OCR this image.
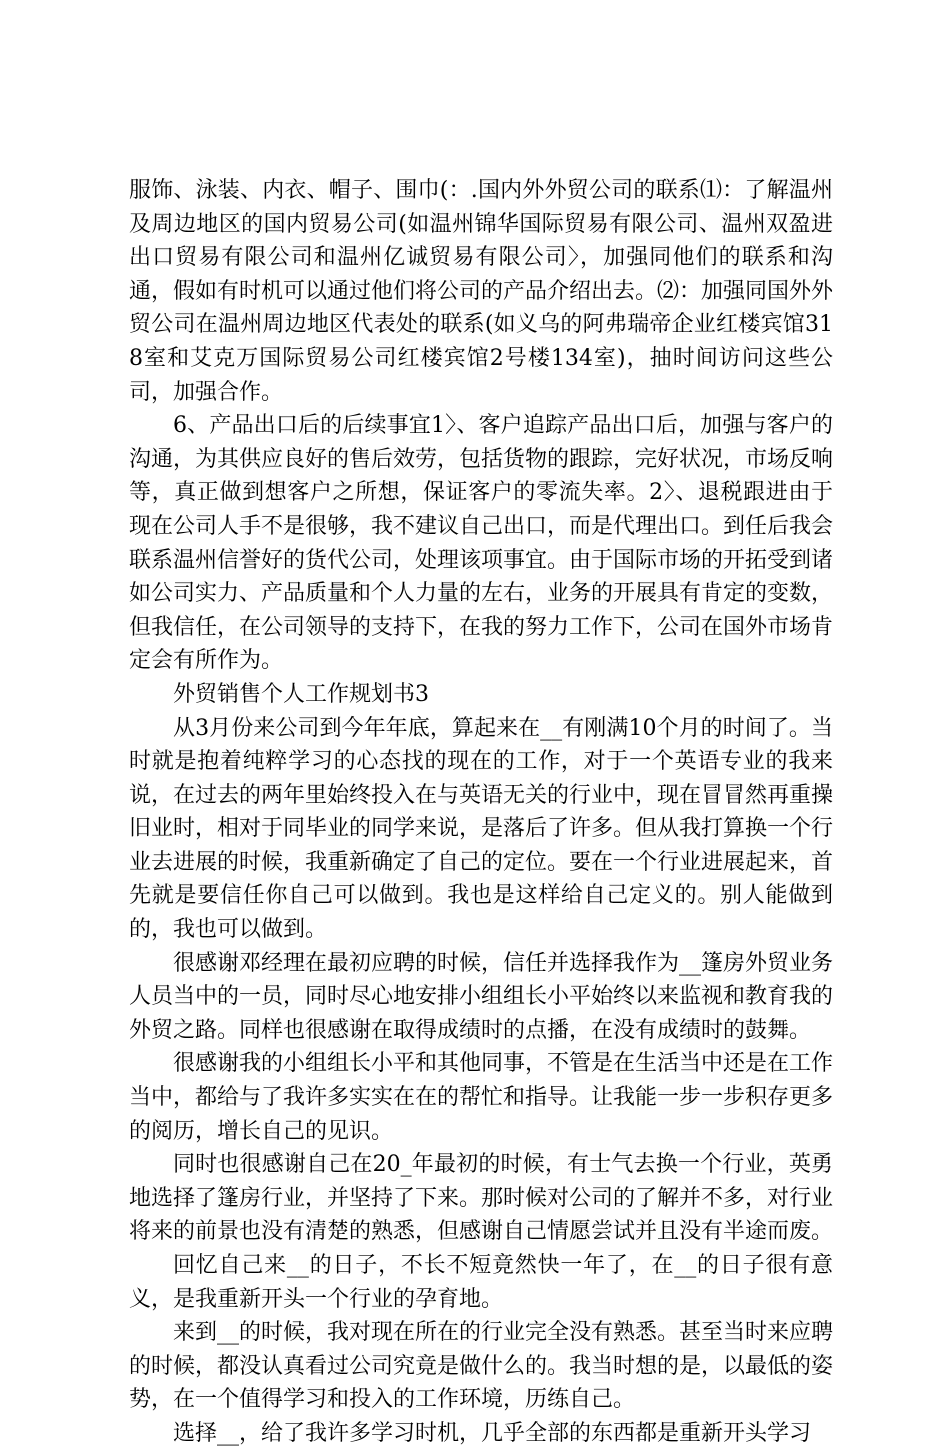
服饰、泳装、内衣、帽子、围巾(：.国内外外贸公司的联系⑴：了解温州及周边地区的国内贸易公司(如温州锦华国际贸易有限公司、温州双盈进出口贸易有限公司和温州亿诚贸易有限公司〉，加强同他们的联系和沟通，假如有时机可以通过他们将公司的产品介绍出去。⑵：加强同国外外贸公司在温州周边地区代表处的联系(如义乌的阿弗瑞帝企业红楼宾馆318室和艾克万国际贸易公司红楼宾馆2号楼134室)，抽时间访问这些公司，加强合作。

6、产品出口后的后续事宜1〉、客户追踪产品出口后，加强与客户的沟通，为其供应良好的售后效劳，包括货物的跟踪，完好状况，市场反响等，真正做到想客户之所想，保证客户的零流失率。2〉、退税跟进由于现在公司人手不是很够，我不建议自己出口，而是代理出口。到任后我会联系温州信誉好的货代公司，处理该项事宜。由于国际市场的开拓受到诸如公司实力、产品质量和个人力量的左右，业务的开展具有肯定的变数，但我信任，在公司领导的支持下，在我的努力工作下，公司在国外市场肯定会有所作为。

外贸销售个人工作规划书3

从3月份来公司到今年年底，算起来在__有刚满10个月的时间了。当时就是抱着纯粹学习的心态找的现在的工作，对于一个英语专业的我来说，在过去的两年里始终投入在与英语无关的行业中，现在冒冒然再重操旧业时，相对于同毕业的同学来说，是落后了许多。但从我打算换一个行业去进展的时候，我重新确定了自己的定位。要在一个行业进展起来，首先就是要信任你自己可以做到。我也是这样给自己定义的。别人能做到的，我也可以做到。

很感谢邓经理在最初应聘的时候，信任并选择我作为__篷房外贸业务人员当中的一员，同时尽心地安排小组组长小平始终以来监视和教育我的外贸之路。同样也很感谢在取得成绩时的点播，在没有成绩时的鼓舞。

很感谢我的小组组长小平和其他同事，不管是在生活当中还是在工作当中，都给与了我许多实实在在的帮忙和指导。让我能一步一步积存更多的阅历，增长自己的见识。

同时也很感谢自己在20_年最初的时候，有士气去换一个行业，英勇地选择了篷房行业，并坚持了下来。那时候对公司的了解并不多，对行业将来的前景也没有清楚的熟悉，但感谢自己情愿尝试并且没有半途而废。

回忆自己来__的日子，不长不短竟然快一年了，在__的日子很有意义，是我重新开头一个行业的孕育地。

来到__的时候，我对现在所在的行业完全没有熟悉。甚至当时来应聘的时候，都没认真看过公司究竟是做什么的。我当时想的是，以最低的姿势，在一个值得学习和投入的工作环境，历练自己。

选择__，给了我许多学习时机，几乎全部的东西都是重新开头学习
